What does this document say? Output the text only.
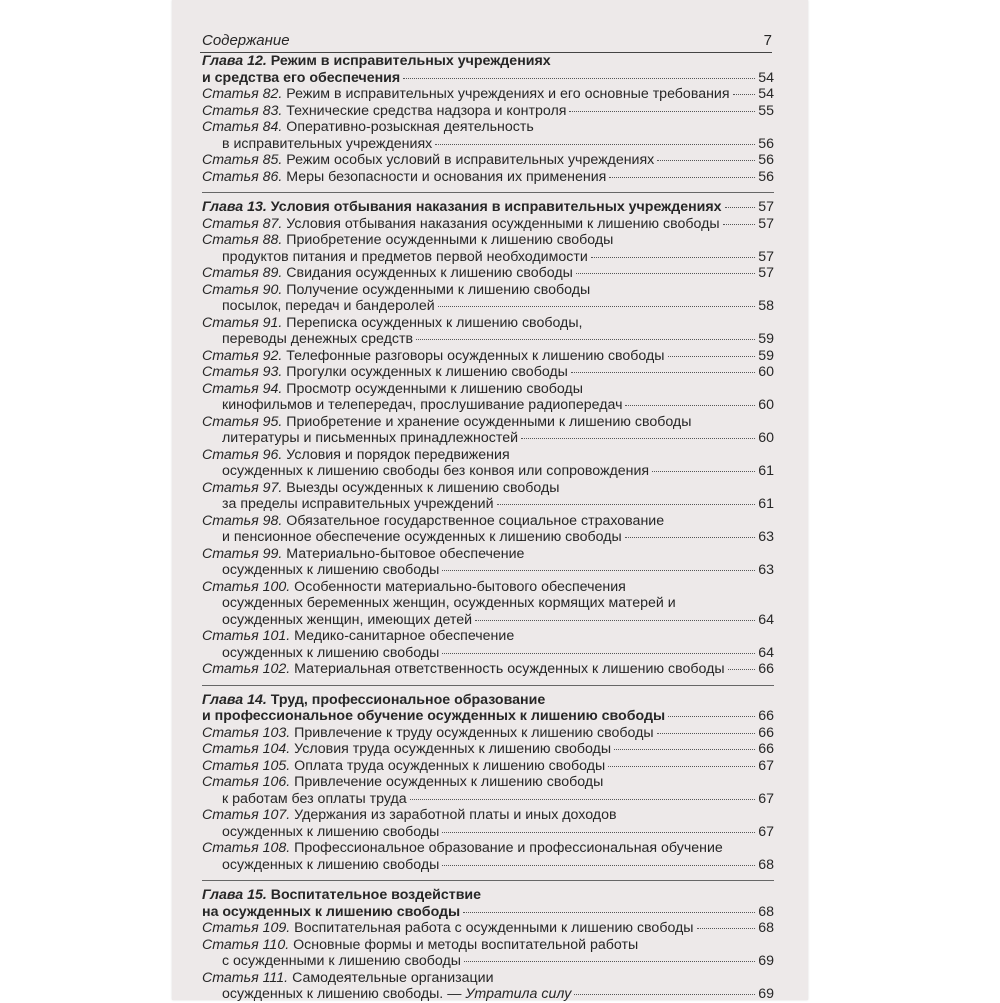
Содержание	7
Глава 12. Режим в исправительных учреждениях
и средства его обеспечения	54
Статья 82. Режим в исправительных учреждениях и его основные требования 54
Статья 83. Технические средства надзора и контроля	55
Статья 84. Оперативно-розыскная деятельность
в исправительных учреждениях	56
Статья 85. Режим особых условий в исправительных учреждениях	56
Статья 86. Меры безопасности и основания их применения	56
Глава 13. Условия отбывания наказания в исправительных учреждениях	57
Статья 87. Условия отбывания наказания осужденными к лишению свободы	57
Статья 88. Приобретение осужденными к лишению свободы
продуктов питания и предметов первой необходимости	57
Статья 89. Свидания осужденных к лишению свободы	57
Статья 90. Получение осужденными к лишению свободы
посылок, передач и бандеролей	58
Статья 91. Переписка осужденных к лишению свободы,
переводы денежных средств	59
Статья 92. Телефонные разговоры осужденных к лишению свободы	59
Статья 93. Прогулки осужденных к лишению свободы	60
Статья 94. Просмотр осужденными к лишению свободы
кинофильмов и телепередач, прослушивание радиопередач	60
Статья 95. Приобретение и хранение осужденными к лишению свободы
литературы и письменных принадлежностей	60
Статья 96. Условия и порядок передвижения
осужденных к лишению свободы без конвоя или сопровождения	61
Статья 97. Выезды осужденных к лишению свободы
за пределы исправительных учреждений	61
Статья 98. Обязательное государственное социальное страхование
и пенсионное обеспечение осужденных к лишению свободы	63
Статья 99. Материально-бытовое обеспечение
осужденных к лишению свободы	63
Статья 100. Особенности материально-бытового обеспечения
осужденных беременных женщин, осужденных кормящих матерей и
осужденных женщин, имеющих детей	64
Статья 101. Медико-санитарное обеспечение
осужденных к лишению свободы	64
Статья 102. Материальная ответственность осужденных к лишению свободы 66
Глава 14. Труд, профессиональное образование
и профессиональное обучение осужденных к лишению свободы	66
Статья 103. Привлечение к труду осужденных к лишению свободы	66
Статья 104. Условия труда осужденных к лишению свободы	66
Статья 105. Оплата труда осужденных к лишению свободы	67
Статья 106. Привлечение осужденных к лишению свободы
к работам без оплаты труда	67
Статья 107. Удержания из заработной платы и иных доходов
осужденных к лишению свободы	67
Статья 108. Профессиональное образование и профессиональная обучение
осужденных к лишению свободы	68
Глава 15. Воспитательное воздействие
на осужденных к лишению свободы	68
Статья 109. Воспитательная работа с осужденными к лишению свободы	68
Статья 110. Основные формы и методы воспитательной работы
с осужденными к лишению свободы	69
Статья 111. Самодеятельные организации
осужденных к лишению свободы. — Утратила силу	69
